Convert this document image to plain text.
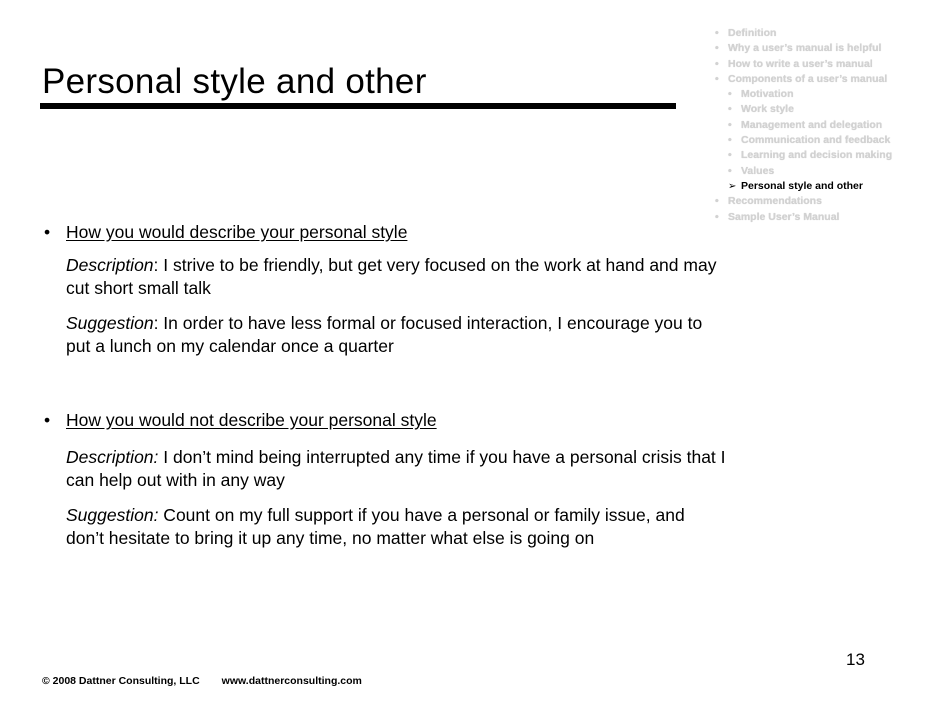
Personal style and other
• Definition
• Why a user’s manual is helpful
• How to write a user’s manual
• Components of a user’s manual
• Motivation
• Work style
• Management and delegation
• Communication and feedback
• Learning and decision making
• Values
➢ Personal style and other
• Recommendations
• Sample User’s Manual
• How you would describe your personal style
Description: I strive to be friendly, but get very focused on the work at hand and may cut short small talk
Suggestion: In order to have less formal or focused interaction, I encourage you to put a lunch on my calendar once a quarter
• How you would not describe your personal style
Description: I don’t mind being interrupted any time if you have a personal crisis that I can help out with in any way
Suggestion: Count on my full support if you have a personal or family issue, and don’t hesitate to bring it up any time, no matter what else is going on
13
© 2008 Dattner Consulting, LLC www.dattnerconsulting.com
